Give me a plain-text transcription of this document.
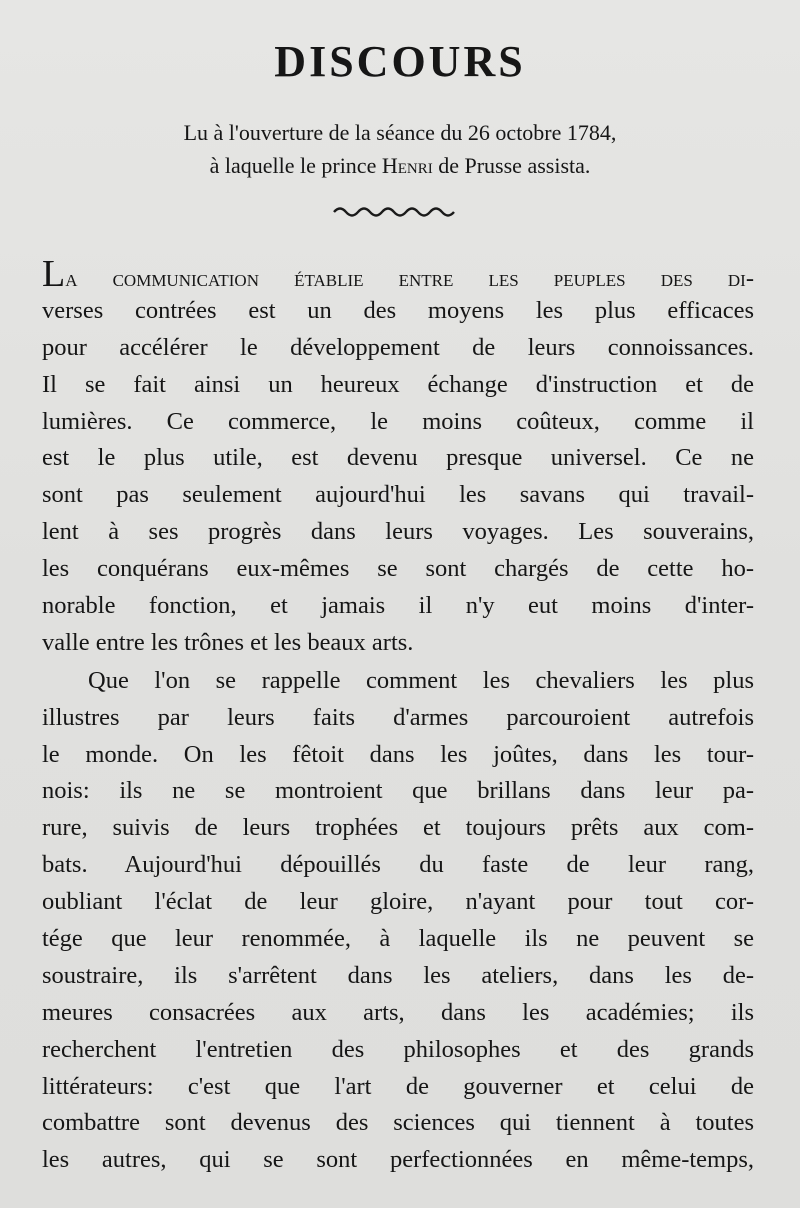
DISCOURS
Lu à l'ouverture de la séance du 26 octobre 1784,
à laquelle le prince Henri de Prusse assista.
La communication établie entre les peuples des di-
verses contrées est un des moyens les plus efficaces
pour accélérer le développement de leurs connoissances.
Il se fait ainsi un heureux échange d'instruction et de
lumières. Ce commerce, le moins coûteux, comme il
est le plus utile, est devenu presque universel. Ce ne
sont pas seulement aujourd'hui les savans qui travail-
lent à ses progrès dans leurs voyages. Les souverains,
les conquérans eux-mêmes se sont chargés de cette ho-
norable fonction, et jamais il n'y eut moins d'inter-
valle entre les trônes et les beaux arts.
Que l'on se rappelle comment les chevaliers les plus
illustres par leurs faits d'armes parcouroient autrefois
le monde. On les fêtoit dans les joûtes, dans les tour-
nois: ils ne se montroient que brillans dans leur pa-
rure, suivis de leurs trophées et toujours prêts aux com-
bats. Aujourd'hui dépouillés du faste de leur rang,
oubliant l'éclat de leur gloire, n'ayant pour tout cor-
tége que leur renommée, à laquelle ils ne peuvent se
soustraire, ils s'arrêtent dans les ateliers, dans les de-
meures consacrées aux arts, dans les académies; ils
recherchent l'entretien des philosophes et des grands
littérateurs: c'est que l'art de gouverner et celui de
combattre sont devenus des sciences qui tiennent à toutes
les autres, qui se sont perfectionnées en même-temps,
